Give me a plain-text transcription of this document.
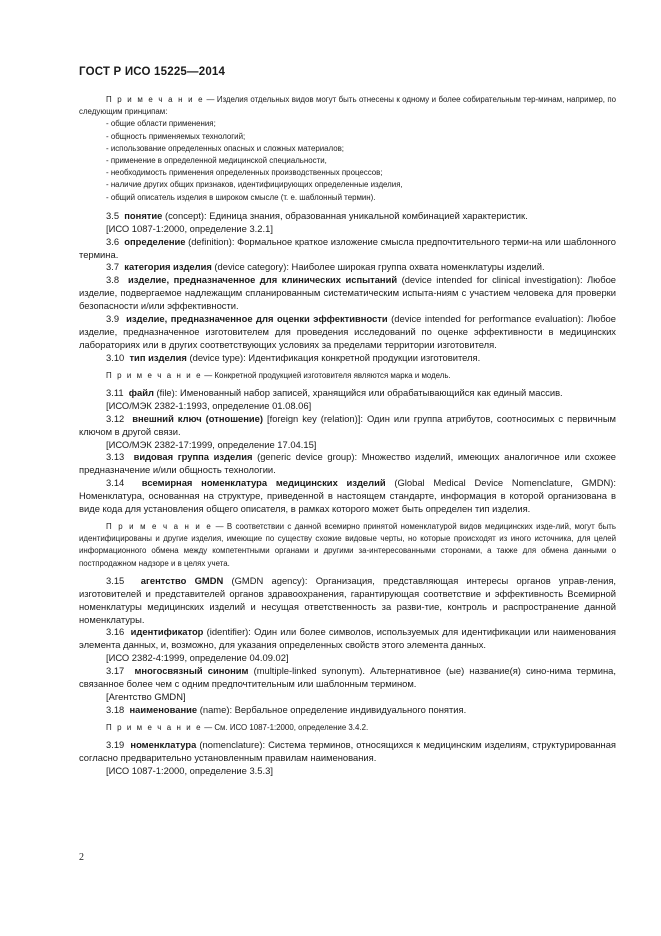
ГОСТ Р ИСО 15225—2014

П р и м е ч а н и е — Изделия отдельных видов могут быть отнесены к одному и более собирательным тер-минам, например, по следующим принципам:

- общие области применения;
- общность применяемых технологий;
- использование определенных опасных и сложных материалов;
- применение в определенной медицинской специальности,
- необходимость применения определенных производственных процессов;
- наличие других общих признаков, идентифицирующих определенные изделия,
- общий описатель изделия в широком смысле (т. е. шаблонный термин).

3.5 понятие (concept): Единица знания, образованная уникальной комбинацией характеристик.

[ИСО 1087-1:2000, определение 3.2.1]

3.6 определение (definition): Формальное краткое изложение смысла предпочтительного терми-на или шаблонного термина.

3.7 категория изделия (device category): Наиболее широкая группа охвата номенклатуры изделий.

3.8 изделие, предназначенное для клинических испытаний (device intended for clinical investigation): Любое изделие, подвергаемое надлежащим спланированным систематическим испыта-ниям с участием человека для проверки безопасности и/или эффективности.

3.9 изделие, предназначенное для оценки эффективности (device intended for performance evaluation): Любое изделие, предназначенное изготовителем для проведения исследований по оценке эффективности в медицинских лабораториях или в других соответствующих условиях за пределами территории изготовителя.

3.10 тип изделия (device type): Идентификация конкретной продукции изготовителя.

П р и м е ч а н и е — Конкретной продукцией изготовителя являются марка и модель.

3.11 файл (file): Именованный набор записей, хранящийся или обрабатывающийся как единый массив.

[ИСО/МЭК 2382-1:1993, определение 01.08.06]

3.12 внешний ключ (отношение) [foreign key (relation)]: Один или группа атрибутов, соотносимых с первичным ключом в другой связи.

[ИСО/МЭК 2382-17:1999, определение 17.04.15]

3.13 видовая группа изделия (generic device group): Множество изделий, имеющих аналогичное или схожее предназначение и/или общность технологии.

3.14 всемирная номенклатура медицинских изделий (Global Medical Device Nomenclature, GMDN): Номенклатура, основанная на структуре, приведенной в настоящем стандарте, информация в которой организована в виде кода для установления общего описателя, в рамках которого может быть определен тип изделия.

П р и м е ч а н и е — В соответствии с данной всемирно принятой номенклатурой видов медицинских изде-лий, могут быть идентифицированы и другие изделия, имеющие по существу схожие видовые черты, но которые происходят из иного источника, для целей информационного обмена между компетентными органами и другими за-интересованными сторонами, а также для обмена данными о постпродажном надзоре и в целях учета.

3.15 агентство GMDN (GMDN agency): Организация, представляющая интересы органов управ-ления, изготовителей и представителей органов здравоохранения, гарантирующая соответствие и эффективность Всемирной номенклатуры медицинских изделий и несущая ответственность за разви-тие, контроль и распространение данной номенклатуры.

3.16 идентификатор (identifier): Один или более символов, используемых для идентификации или наименования элемента данных, и, возможно, для указания определенных свойств этого элемента данных.

[ИСО 2382-4:1999, определение 04.09.02]

3.17 многосвязный синоним (multiple-linked synonym). Альтернативное (ые) название(я) сино-нима термина, связанное более чем с одним предпочтительным или шаблонным термином.

[Агентство GMDN]

3.18 наименование (name): Вербальное определение индивидуального понятия.

П р и м е ч а н и е — См. ИСО 1087-1:2000, определение 3.4.2.

3.19 номенклатура (nomenclature): Система терминов, относящихся к медицинским изделиям, структурированная согласно предварительно установленным правилам наименования.

[ИСО 1087-1:2000, определение 3.5.3]

2
